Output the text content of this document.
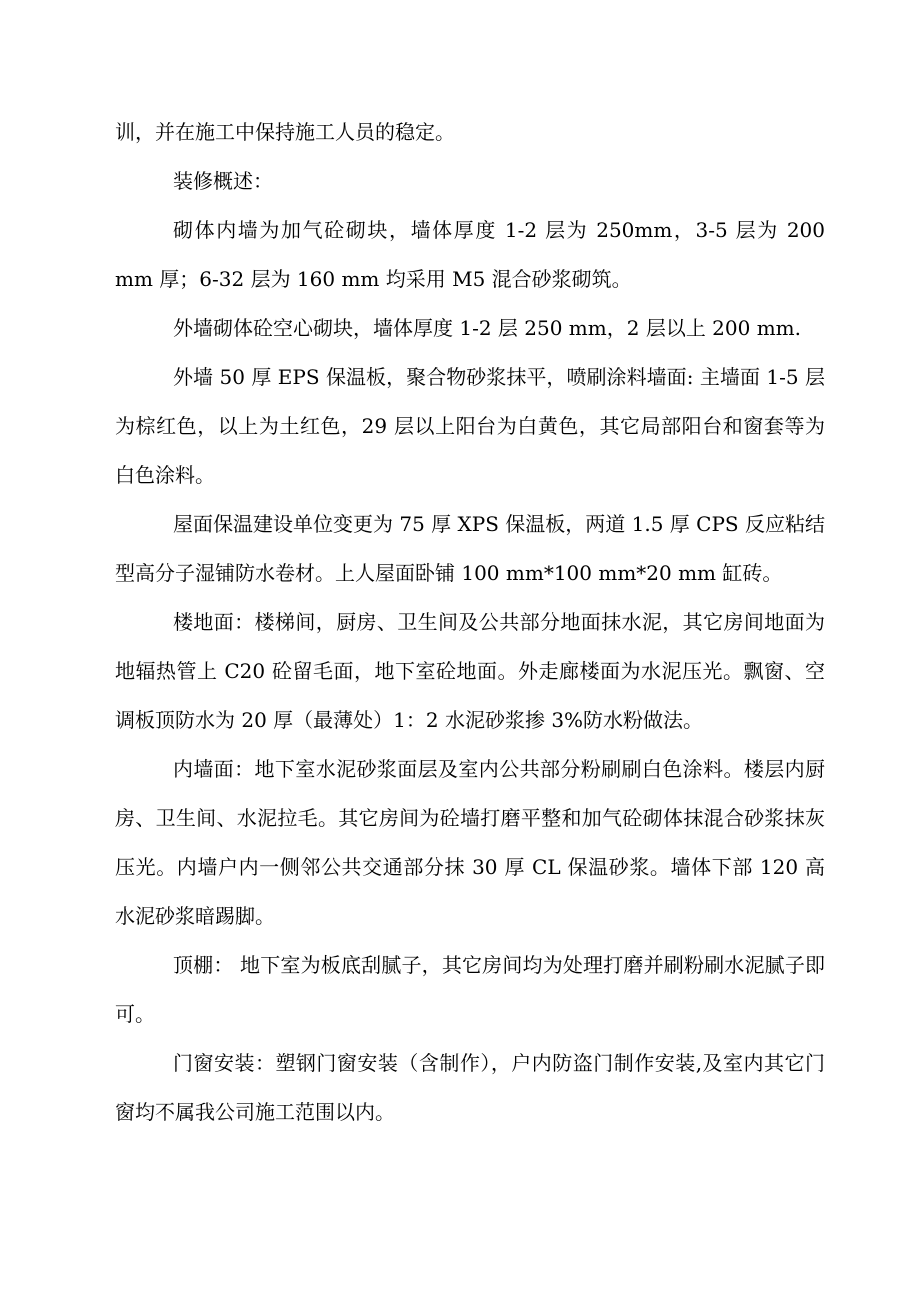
训，并在施工中保持施工人员的稳定。

装修概述：

砌体内墙为加气砼砌块，墙体厚度 1-2 层为 250mm，3-5 层为 200 mm 厚；6-32 层为 160 mm 均采用 M5 混合砂浆砌筑。

外墙砌体砼空心砌块，墙体厚度 1-2 层 250 mm，2 层以上 200 mm.

外墙 50 厚 EPS 保温板，聚合物砂浆抹平，喷刷涂料墙面: 主墙面 1-5 层为棕红色，以上为土红色，29 层以上阳台为白黄色，其它局部阳台和窗套等为白色涂料。

屋面保温建设单位变更为 75 厚 XPS 保温板，两道 1.5 厚 CPS 反应粘结型高分子湿铺防水卷材。上人屋面卧铺 100 mm*100 mm*20 mm 缸砖。

楼地面：楼梯间，厨房、卫生间及公共部分地面抹水泥，其它房间地面为地辐热管上 C20 砼留毛面，地下室砼地面。外走廊楼面为水泥压光。飘窗、空调板顶防水为 20 厚（最薄处）1：2 水泥砂浆掺 3%防水粉做法。

内墙面：地下室水泥砂浆面层及室内公共部分粉刷刷白色涂料。楼层内厨房、卫生间、水泥拉毛。其它房间为砼墙打磨平整和加气砼砌体抹混合砂浆抹灰压光。内墙户内一侧邻公共交通部分抹 30 厚 CL 保温砂浆。墙体下部 120 高水泥砂浆暗踢脚。

顶棚： 地下室为板底刮腻子，其它房间均为处理打磨并刷粉刷水泥腻子即可。

门窗安装：塑钢门窗安装（含制作），户内防盗门制作安装,及室内其它门窗均不属我公司施工范围以内。
